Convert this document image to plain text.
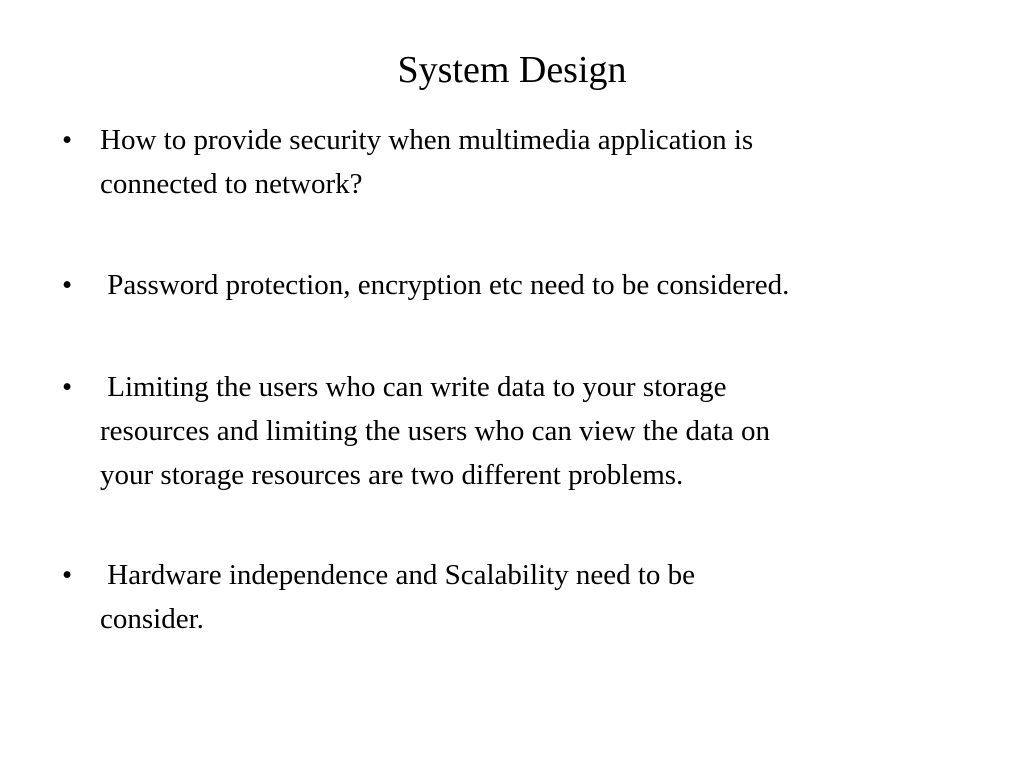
System Design
• How to provide security when multimedia application is
connected to network?
• Password protection, encryption etc need to be considered.
•	Limiting the users who can write data to your storage
resources and limiting the users who can view the data on
your storage resources are two different problems.
•	Hardware independence and Scalability need to be
consider.
